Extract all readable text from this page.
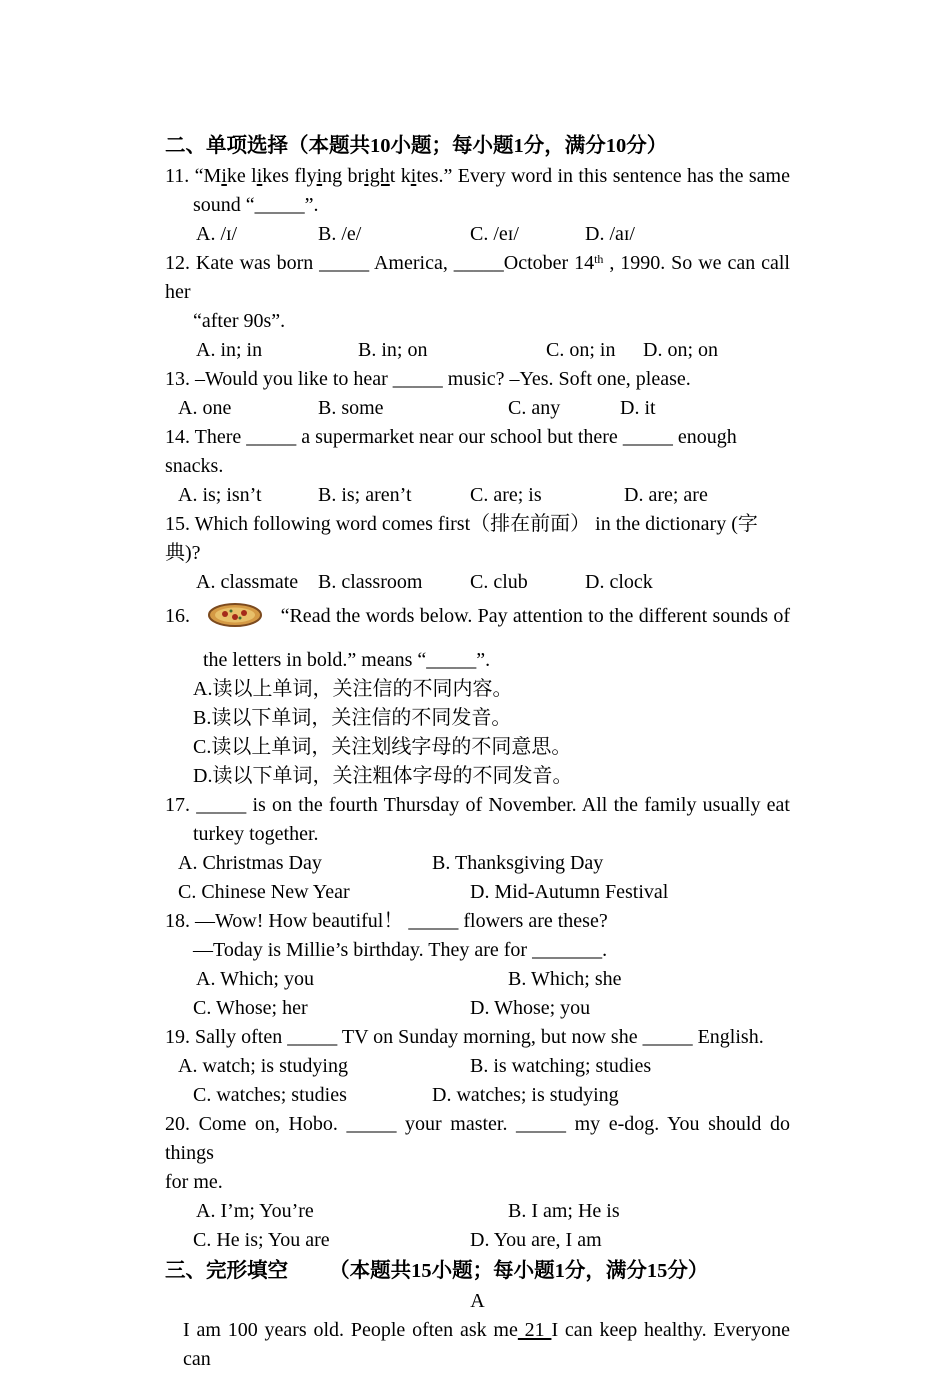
二、单项选择（本题共10小题；每小题1分，满分10分）
11. “Mike likes flying bright kites.” Every word in this sentence has the same
sound “_____”.
A. /ɪ/	B. /e/	C. /eɪ/	D. /aɪ/
12. Kate was born _____ America, _____October 14th , 1990. So we can call her
“after 90s”.
A. in; in	B. in; on	C. on; in	D. on; on
13. –Would you like to hear _____ music? –Yes. Soft one, please.
A. one	B. some	C. any	D. it
14. There _____ a supermarket near our school but there _____ enough snacks.
A. is; isn’t	B. is; aren’t	C. are; is	D. are; are
15. Which following word comes first（排在前面） in the dictionary (字典)?
A. classmate B. classroom	C. club	D. clock
16.	“Read the words below. Pay attention to the different sounds of
the letters in bold.” means “_____”.
A.读以上单词，关注信的不同内容。
B.读以下单词，关注信的不同发音。
C.读以上单词，关注划线字母的不同意思。
D.读以下单词，关注粗体字母的不同发音。
17. _____ is on the fourth Thursday of November. All the family usually eat
turkey together.
A. Christmas Day	B. Thanksgiving Day
C. Chinese New Year	D. Mid-Autumn Festival
18. —Wow! How beautiful！ _____ flowers are these?
—Today is Millie’s birthday. They are for _______.
A. Which; you	B. Which; she
C. Whose; her	D. Whose; you
19. Sally often _____ TV on Sunday morning, but now she _____ English.
A. watch; is studying	B. is watching; studies
C. watches; studies	D. watches; is studying
20. Come on, Hobo. _____ your master. _____ my e-dog. You should do things
for me.
A. I’m; You’re	B. I am; He is
C. He is; You are	D. You are, I am
三、完形填空 （本题共15小题；每小题1分，满分15分）
A
I am 100 years old. People often ask me 21 I can keep healthy. Everyone can
